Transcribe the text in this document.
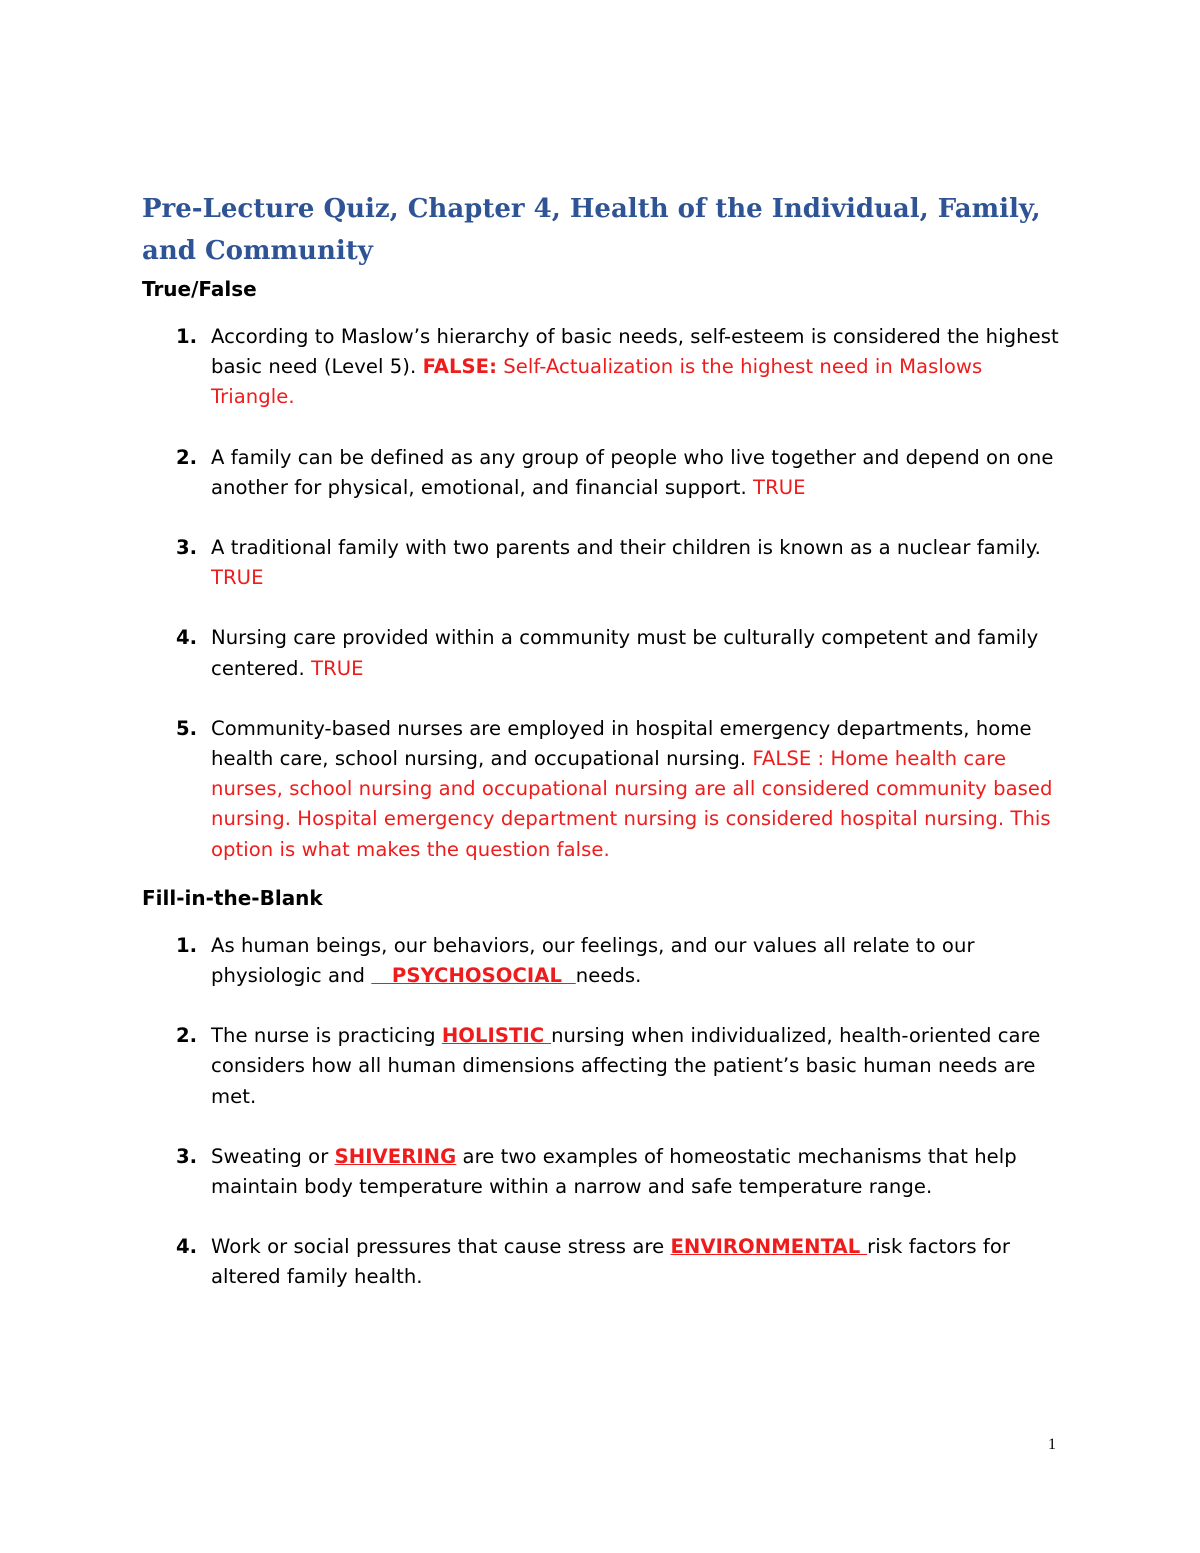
Pre-Lecture Quiz, Chapter 4, Health of the Individual, Family,
and Community
True/False
1. According to Maslow’s hierarchy of basic needs, self-esteem is considered the highest basic need (Level 5). FALSE: Self-Actualization is the highest need in Maslows Triangle.
2. A family can be defined as any group of people who live together and depend on one another for physical, emotional, and financial support. TRUE
3. A traditional family with two parents and their children is known as a nuclear family. TRUE
4. Nursing care provided within a community must be culturally competent and family centered. TRUE
5. Community-based nurses are employed in hospital emergency departments, home health care, school nursing, and occupational nursing. FALSE : Home health care nurses, school nursing and occupational nursing are all considered community based nursing. Hospital emergency department nursing is considered hospital nursing. This option is what makes the question false.
Fill-in-the-Blank
1. As human beings, our behaviors, our feelings, and our values all relate to our physiologic and    PSYCHOSOCIAL  needs.
2. The nurse is practicing HOLISTIC nursing when individualized, health-oriented care considers how all human dimensions affecting the patient’s basic human needs are met.
3. Sweating or SHIVERING are two examples of homeostatic mechanisms that help maintain body temperature within a narrow and safe temperature range.
4. Work or social pressures that cause stress are ENVIRONMENTAL risk factors for altered family health.
1
